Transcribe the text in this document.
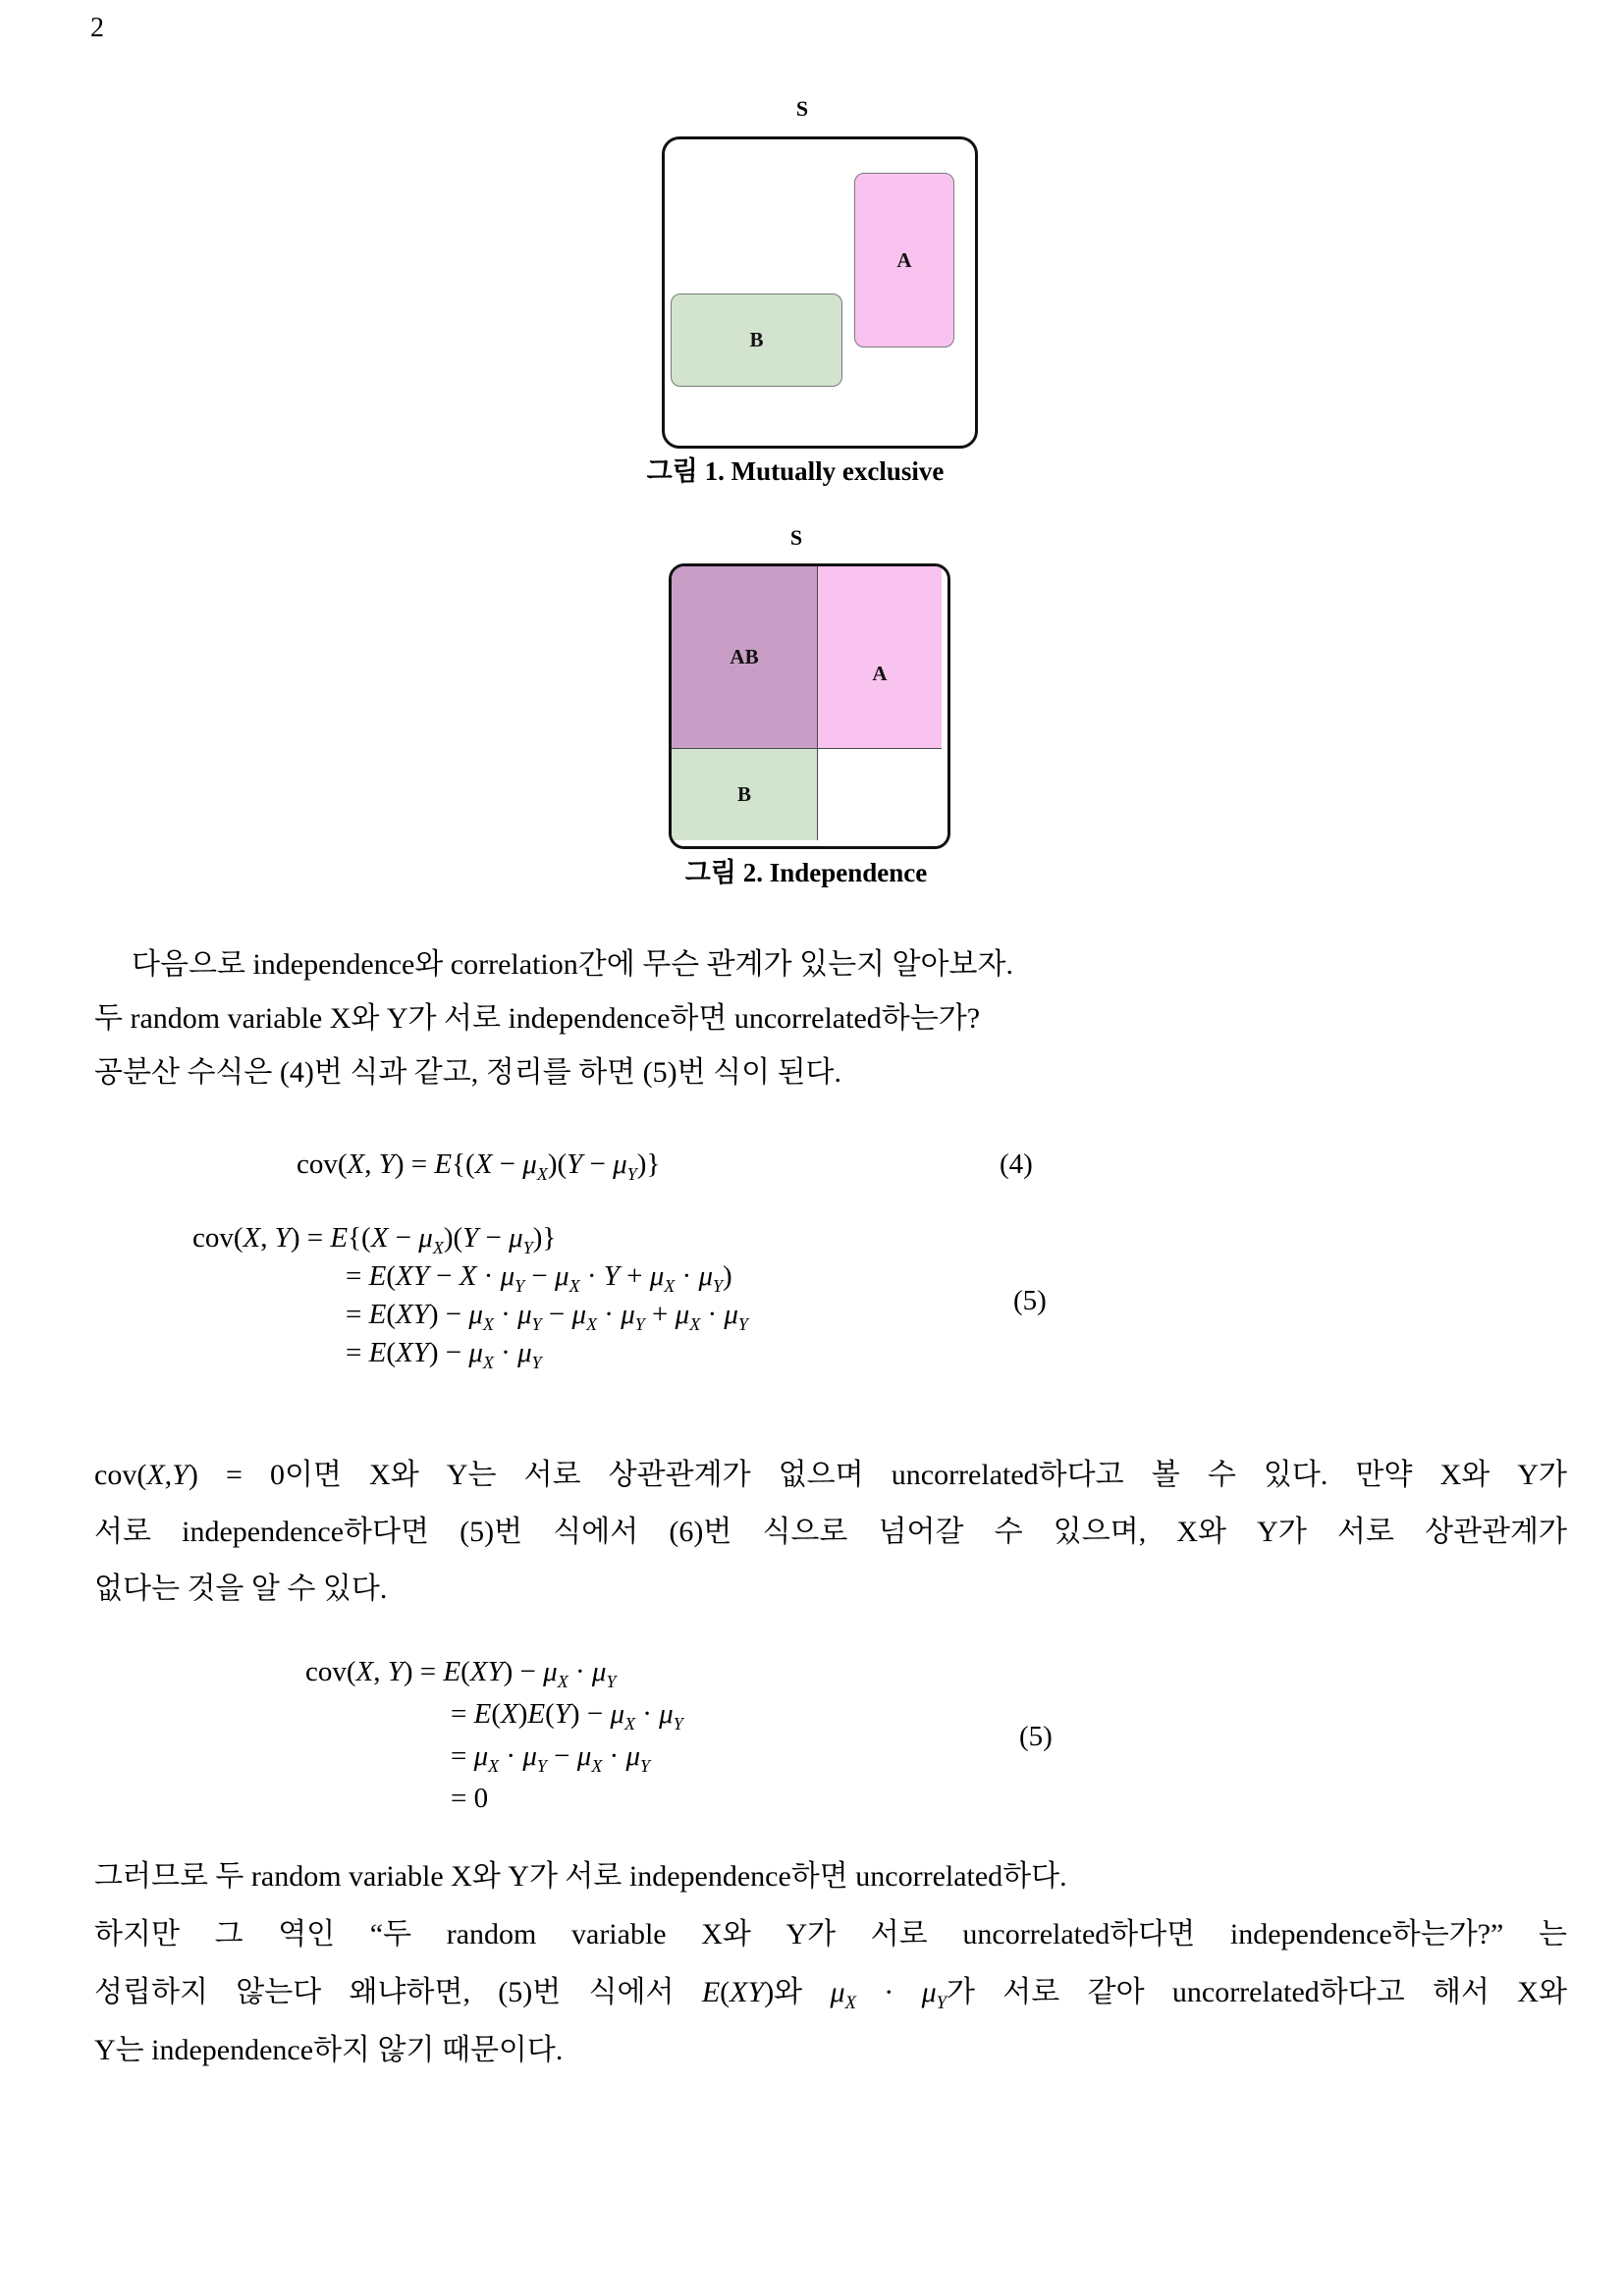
2
S
A
B
그림 1. Mutually exclusive
S
AB
A
B
그림 2. Independence
다음으로 independence와 correlation간에 무슨 관계가 있는지 알아보자.
두 random variable X와 Y가 서로 independence하면 uncorrelated하는가?
공분산 수식은 (4)번 식과 같고, 정리를 하면 (5)번 식이 된다.
cov(X, $Y) = E\{(X - \mu_X)(Y - \mu_Y)\}$	(4)
cov(X, $Y) = E\{(X - \mu_X)(Y - \mu_Y)\}$
= $E(XY - X \cdot \mu_Y - \mu_X \cdot Y + \mu_X \cdot \mu_Y)$
= $E(XY) - \mu_X \cdot \mu_Y - \mu_X \cdot \mu_Y + \mu_X \cdot \mu_Y$
= $E(XY) - \mu_X \cdot \mu_Y$
(5)
cov(X,Y) = 0이면 X와 Y는 서로 상관관계가 없으며 uncorrelated하다고 볼 수 있다. 만약 X와 Y가
서로 independence하다면 (5)번 식에서 (6)번 식으로 넘어갈 수 있으며, X와 Y가 서로 상관관계가
없다는 것을 알 수 있다.
cov(X, $Y) = E(XY) - \mu_X \cdot \mu_Y$
= $E(X)E(Y) - \mu_X \cdot \mu_Y$
= $\mu_X \cdot \mu_Y - \mu_X \cdot \mu_Y$
= 0
(5)
그러므로 두 random variable X와 Y가 서로 independence하면 uncorrelated하다.
하지만 그 역인 “두 random variable X와 Y가 서로 uncorrelated하다면 independence하는가?” 는
성립하지 않는다 왜냐하면, (5)번 식에서 E(XY)와 $\mu_X \cdot \mu_Y$가 서로 같아 uncorrelated하다고 해서 X와
Y는 independence하지 않기 때문이다.
